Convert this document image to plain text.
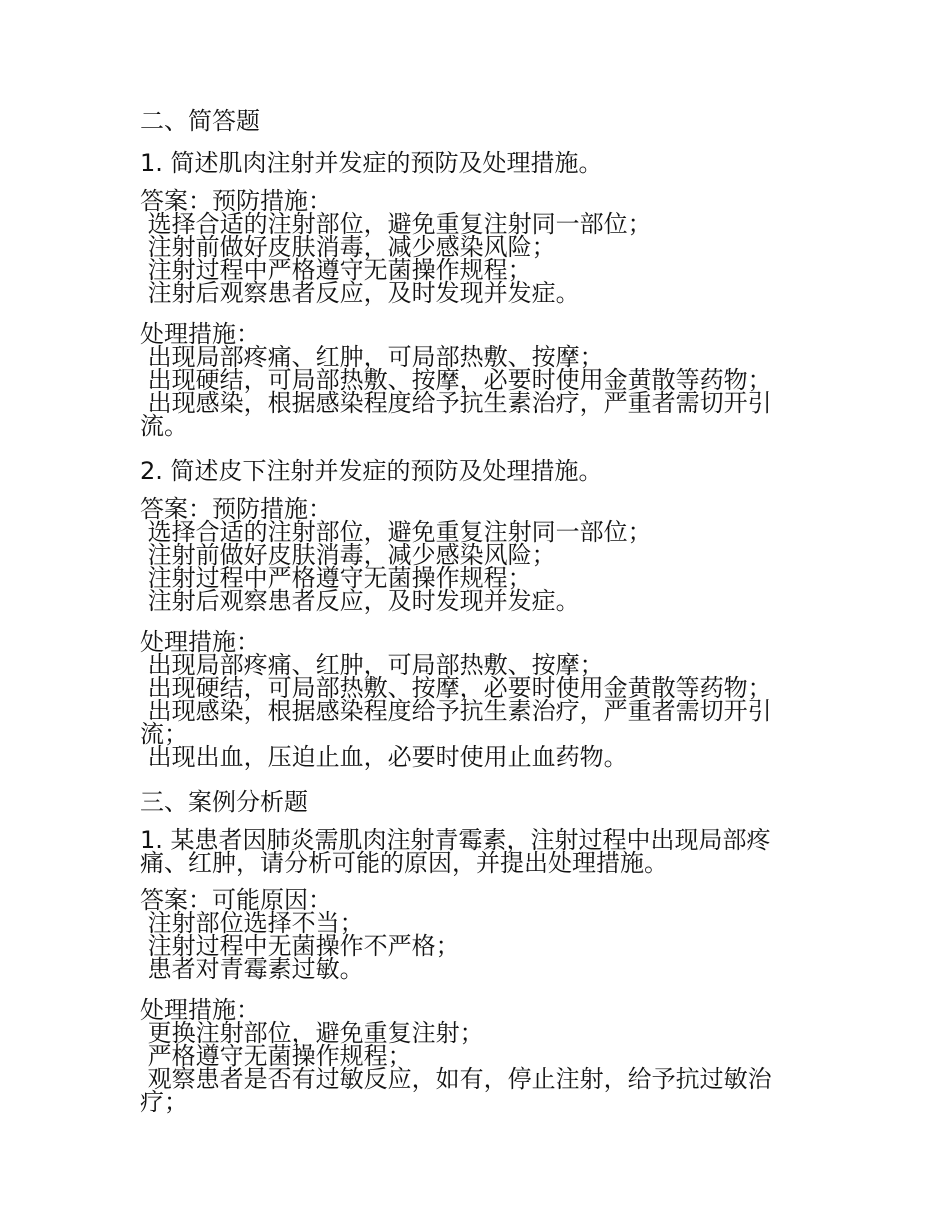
二、简答题
1. 简述肌肉注射并发症的预防及处理措施。
答案：预防措施：
选择合适的注射部位，避免重复注射同一部位；
注射前做好皮肤消毒，减少感染风险；
注射过程中严格遵守无菌操作规程；
注射后观察患者反应，及时发现并发症。
处理措施：
出现局部疼痛、红肿，可局部热敷、按摩；
出现硬结，可局部热敷、按摩，必要时使用金黄散等药物；
出现感染，根据感染程度给予抗生素治疗，严重者需切开引
流。
2. 简述皮下注射并发症的预防及处理措施。
答案：预防措施：
选择合适的注射部位，避免重复注射同一部位；
注射前做好皮肤消毒，减少感染风险；
注射过程中严格遵守无菌操作规程；
注射后观察患者反应，及时发现并发症。
处理措施：
出现局部疼痛、红肿，可局部热敷、按摩；
出现硬结，可局部热敷、按摩，必要时使用金黄散等药物；
出现感染，根据感染程度给予抗生素治疗，严重者需切开引
流；
出现出血，压迫止血，必要时使用止血药物。
三、案例分析题
1. 某患者因肺炎需肌肉注射青霉素，注射过程中出现局部疼
痛、红肿，请分析可能的原因，并提出处理措施。
答案：可能原因：
注射部位选择不当；
注射过程中无菌操作不严格；
患者对青霉素过敏。
处理措施：
更换注射部位，避免重复注射；
严格遵守无菌操作规程；
观察患者是否有过敏反应，如有，停止注射，给予抗过敏治
疗；
